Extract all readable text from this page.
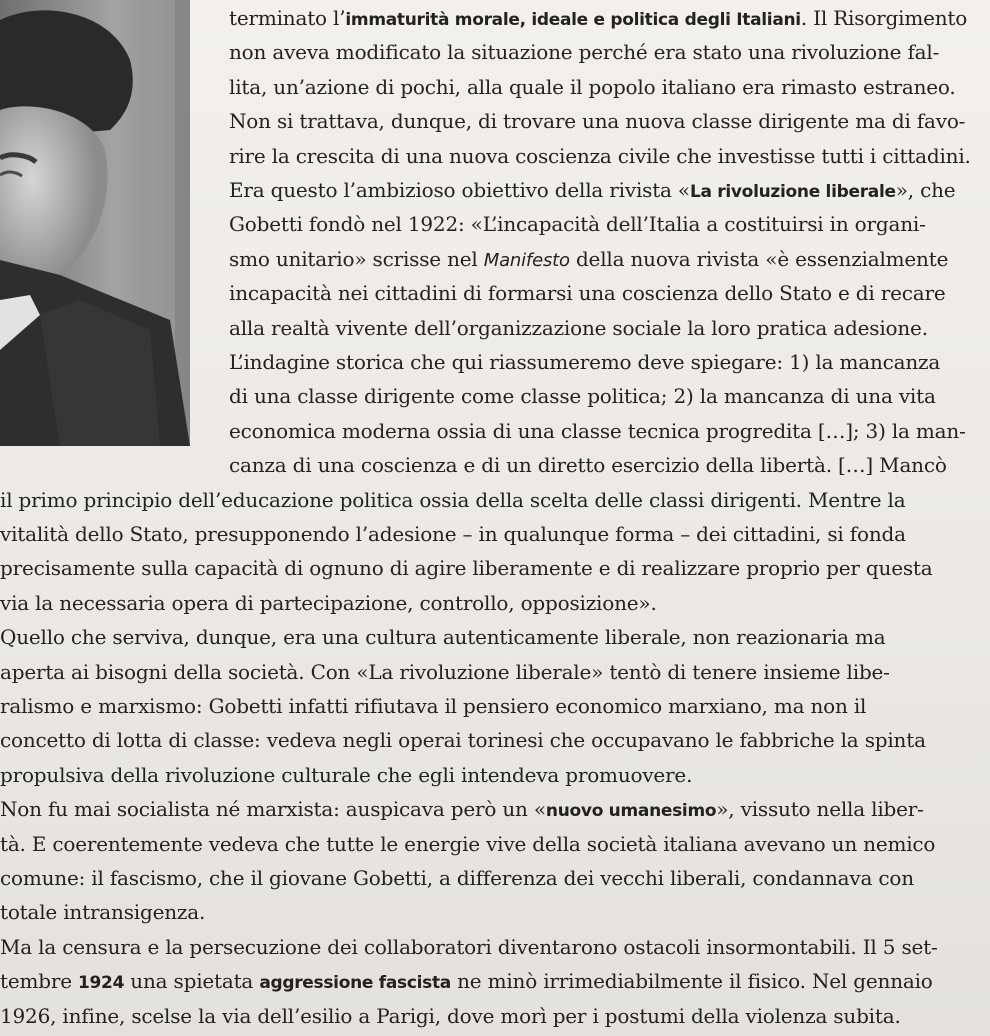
terminato l’immaturità morale, ideale e politica degli Italiani. Il Risorgimento
non aveva modificato la situazione perché era stato una rivoluzione fal-
lita, un’azione di pochi, alla quale il popolo italiano era rimasto estraneo.
Non si trattava, dunque, di trovare una nuova classe dirigente ma di favo-
rire la crescita di una nuova coscienza civile che investisse tutti i cittadini.
Era questo l’ambizioso obiettivo della rivista «La rivoluzione liberale», che
Gobetti fondò nel 1922: «L’incapacità dell’Italia a costituirsi in organi-
smo unitario» scrisse nel Manifesto della nuova rivista «è essenzialmente
incapacità nei cittadini di formarsi una coscienza dello Stato e di recare
alla realtà vivente dell’organizzazione sociale la loro pratica adesione.
L’indagine storica che qui riassumeremo deve spiegare: 1) la mancanza
di una classe dirigente come classe politica; 2) la mancanza di una vita
economica moderna ossia di una classe tecnica progredita […]; 3) la man-
canza di una coscienza e di un diretto esercizio della libertà. […] Mancò
il primo principio dell’educazione politica ossia della scelta delle classi dirigenti. Mentre la
vitalità dello Stato, presupponendo l’adesione – in qualunque forma – dei cittadini, si fonda
precisamente sulla capacità di ognuno di agire liberamente e di realizzare proprio per questa
via la necessaria opera di partecipazione, controllo, opposizione».
Quello che serviva, dunque, era una cultura autenticamente liberale, non reazionaria ma
aperta ai bisogni della società. Con «La rivoluzione liberale» tentò di tenere insieme libe-
ralismo e marxismo: Gobetti infatti rifiutava il pensiero economico marxiano, ma non il
concetto di lotta di classe: vedeva negli operai torinesi che occupavano le fabbriche la spinta
propulsiva della rivoluzione culturale che egli intendeva promuovere.
Non fu mai socialista né marxista: auspicava però un «nuovo umanesimo», vissuto nella liber-
tà. E coerentemente vedeva che tutte le energie vive della società italiana avevano un nemico
comune: il fascismo, che il giovane Gobetti, a differenza dei vecchi liberali, condannava con
totale intransigenza.
Ma la censura e la persecuzione dei collaboratori diventarono ostacoli insormontabili. Il 5 set-
tembre 1924 una spietata aggressione fascista ne minò irrimediabilmente il fisico. Nel gennaio
1926, infine, scelse la via dell’esilio a Parigi, dove morì per i postumi della violenza subita.
